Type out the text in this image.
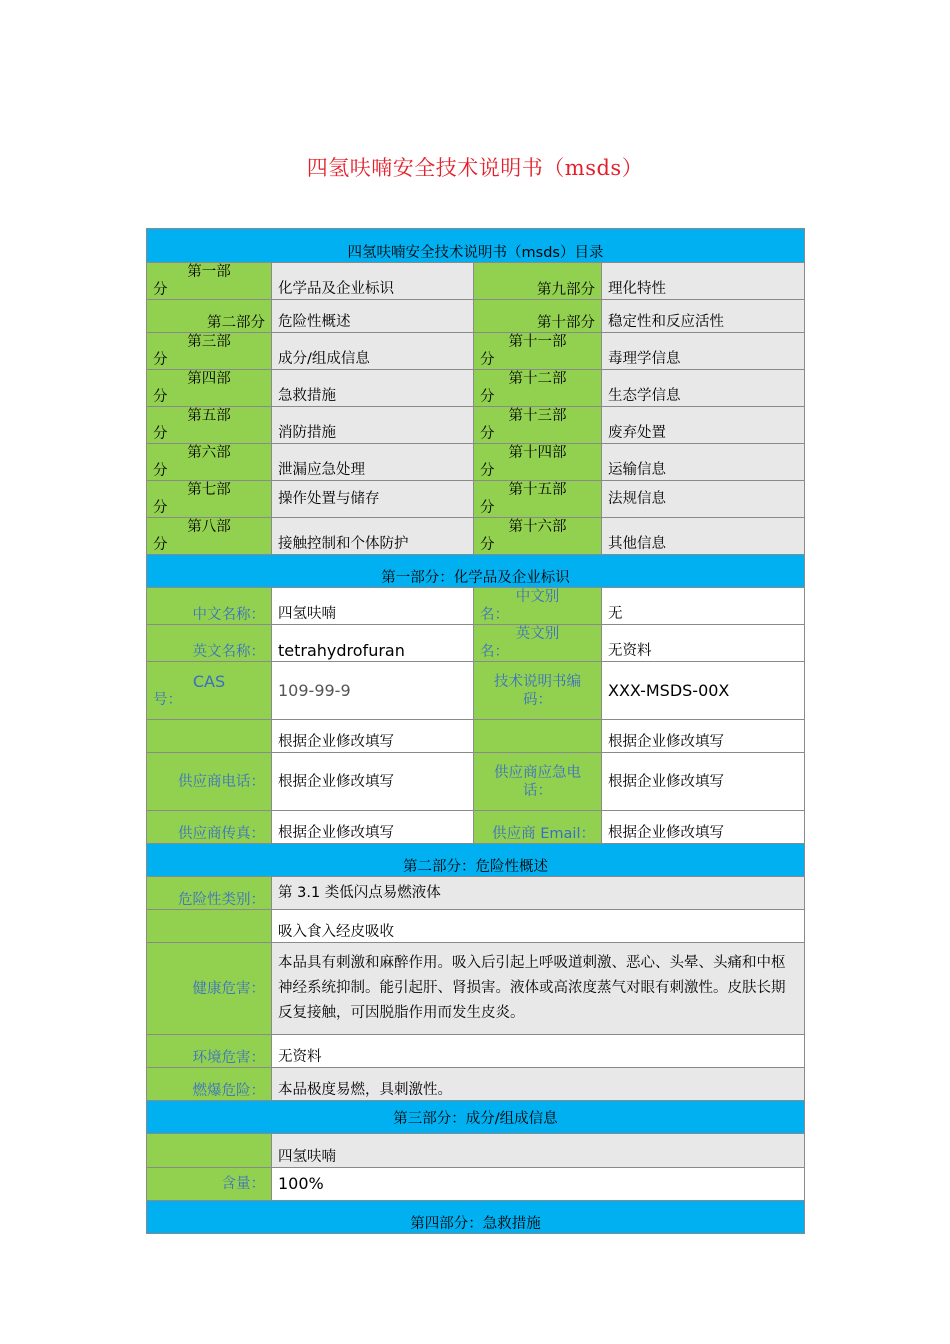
四氢呋喃安全技术说明书（msds）
四氢呋喃安全技术说明书（msds）目录			

第一部
分	化学品及企业标识	第九部分	理化特性
第二部分	危险性概述	第十部分	稳定性和反应活性

第三部
分	成分/组成信息	第十一部
分	毒理学信息

第四部
分	急救措施	第十二部
分	生态学信息

第五部
分	消防措施	第十三部
分	废弃处置

第六部
分	泄漏应急处理	第十四部
分	运输信息

第七部
分	操作处置与储存	第十五部
分	法规信息

第八部
分	接触控制和个体防护	第十六部
分	其他信息
第一部分：化学品及企业标识			
中文名称：	四氢呋喃	中文别
名：	无
英文名称：	tetrahydrofuran	英文别
名：	无资料

CAS
号：	109-99-9	技术说明书编
码：	XXX-MSDS-00X
	根据企业修改填写		根据企业修改填写
供应商电话：	根据企业修改填写	供应商应急电
话：	根据企业修改填写
供应商传真：	根据企业修改填写	供应商 Email：	根据企业修改填写
第二部分：危险性概述			
危险性类别：	第 3.1 类低闪点易燃液体		
	吸入食入经皮吸收		
健康危害：	本品具有刺激和麻醉作用。吸入后引起上呼吸道刺激、恶心、头晕、头痛和中枢神经系统抑制。能引起肝、肾损害。液体或高浓度蒸气对眼有刺激性。皮肤长期反复接触，可因脱脂作用而发生皮炎。		
环境危害：	无资料		
燃爆危险：	本品极度易燃，具刺激性。		
第三部分：成分/组成信息			
	四氢呋喃		
含量：	100%		
第四部分：急救措施			
